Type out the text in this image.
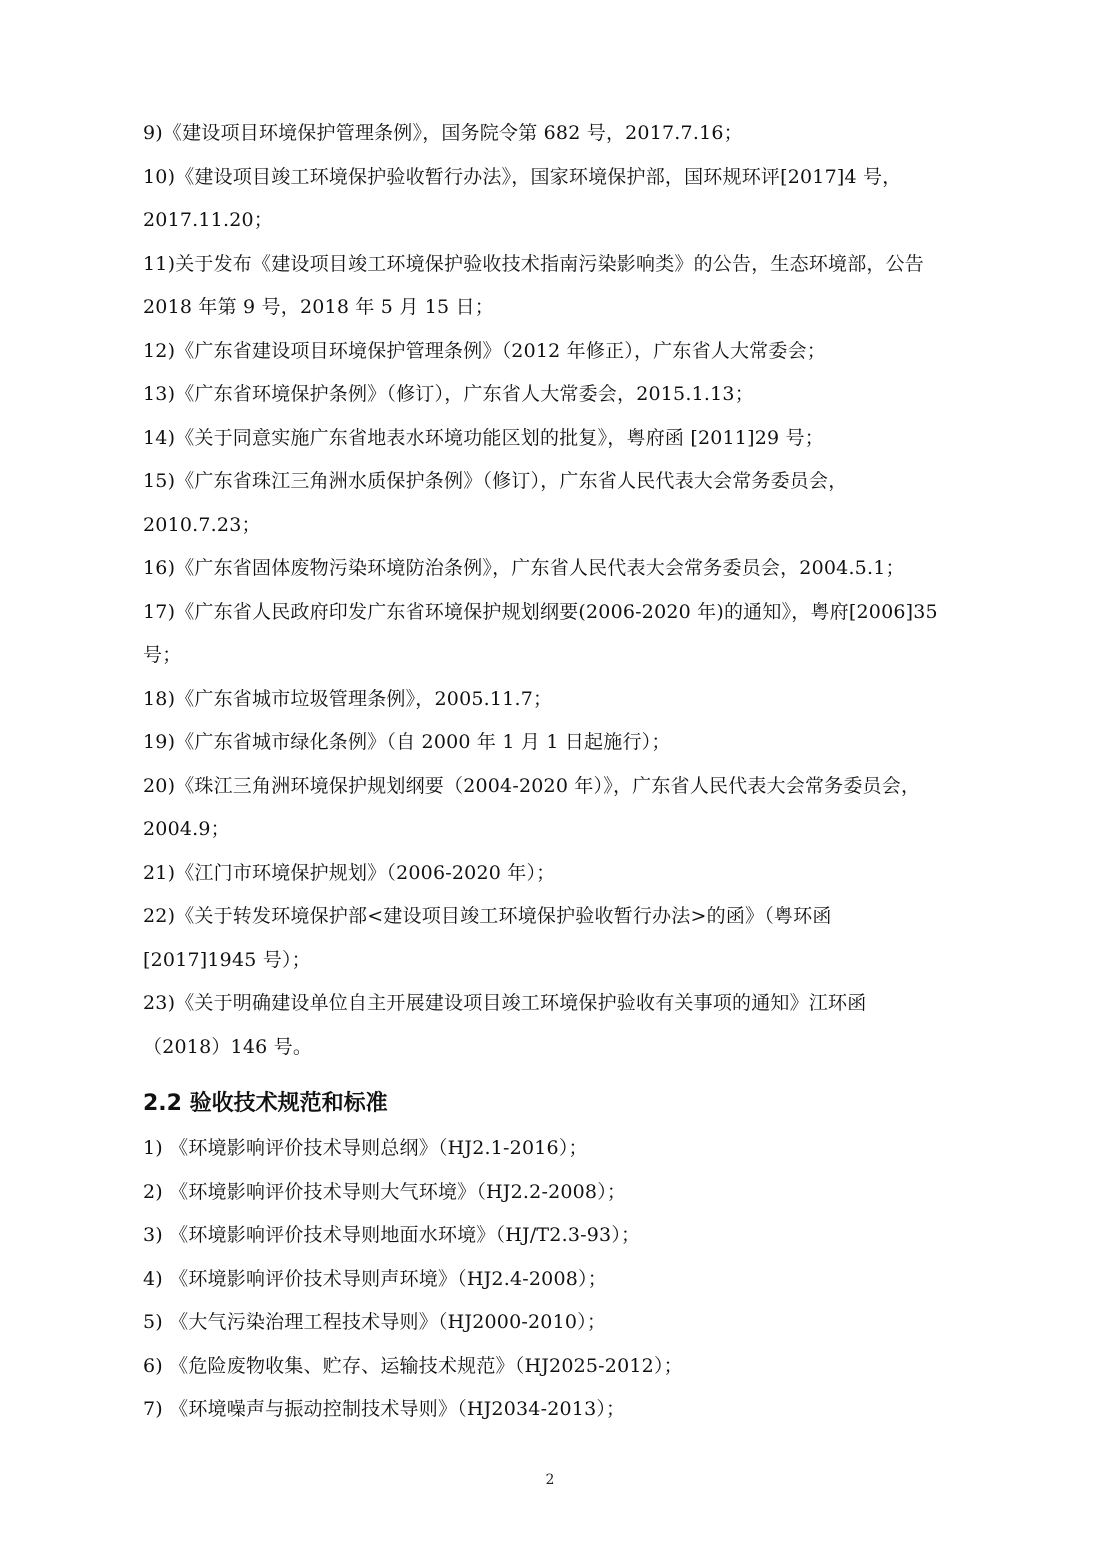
9)《建设项目环境保护管理条例》，国务院令第 682 号，2017.7.16；

10)《建设项目竣工环境保护验收暂行办法》，国家环境保护部，国环规环评[2017]4 号，2017.11.20；

11)关于发布《建设项目竣工环境保护验收技术指南污染影响类》的公告，生态环境部，公告 2018 年第 9 号，2018 年 5 月 15 日；

12)《广东省建设项目环境保护管理条例》（2012 年修正），广东省人大常委会；

13)《广东省环境保护条例》（修订），广东省人大常委会，2015.1.13；

14)《关于同意实施广东省地表水环境功能区划的批复》，粤府函 [2011]29 号；

15)《广东省珠江三角洲水质保护条例》（修订），广东省人民代表大会常务委员会，2010.7.23；

16)《广东省固体废物污染环境防治条例》，广东省人民代表大会常务委员会，2004.5.1；

17)《广东省人民政府印发广东省环境保护规划纲要(2006-2020 年)的通知》，粤府[2006]35 号；

18)《广东省城市垃圾管理条例》，2005.11.7；

19)《广东省城市绿化条例》（自 2000 年 1 月 1 日起施行）；

20)《珠江三角洲环境保护规划纲要（2004-2020 年）》，广东省人民代表大会常务委员会，2004.9；

21)《江门市环境保护规划》（2006-2020 年）；

22)《关于转发环境保护部<建设项目竣工环境保护验收暂行办法>的函》（粤环函[2017]1945 号）；

23)《关于明确建设单位自主开展建设项目竣工环境保护验收有关事项的通知》江环函（2018）146 号。

2.2 验收技术规范和标准

1) 《环境影响评价技术导则总纲》（HJ2.1-2016）；

2) 《环境影响评价技术导则大气环境》（HJ2.2-2008）；

3) 《环境影响评价技术导则地面水环境》（HJ/T2.3-93）；

4) 《环境影响评价技术导则声环境》（HJ2.4-2008）；

5) 《大气污染治理工程技术导则》（HJ2000-2010）；

6) 《危险废物收集、贮存、运输技术规范》（HJ2025-2012）；

7) 《环境噪声与振动控制技术导则》（HJ2034-2013）；

2
